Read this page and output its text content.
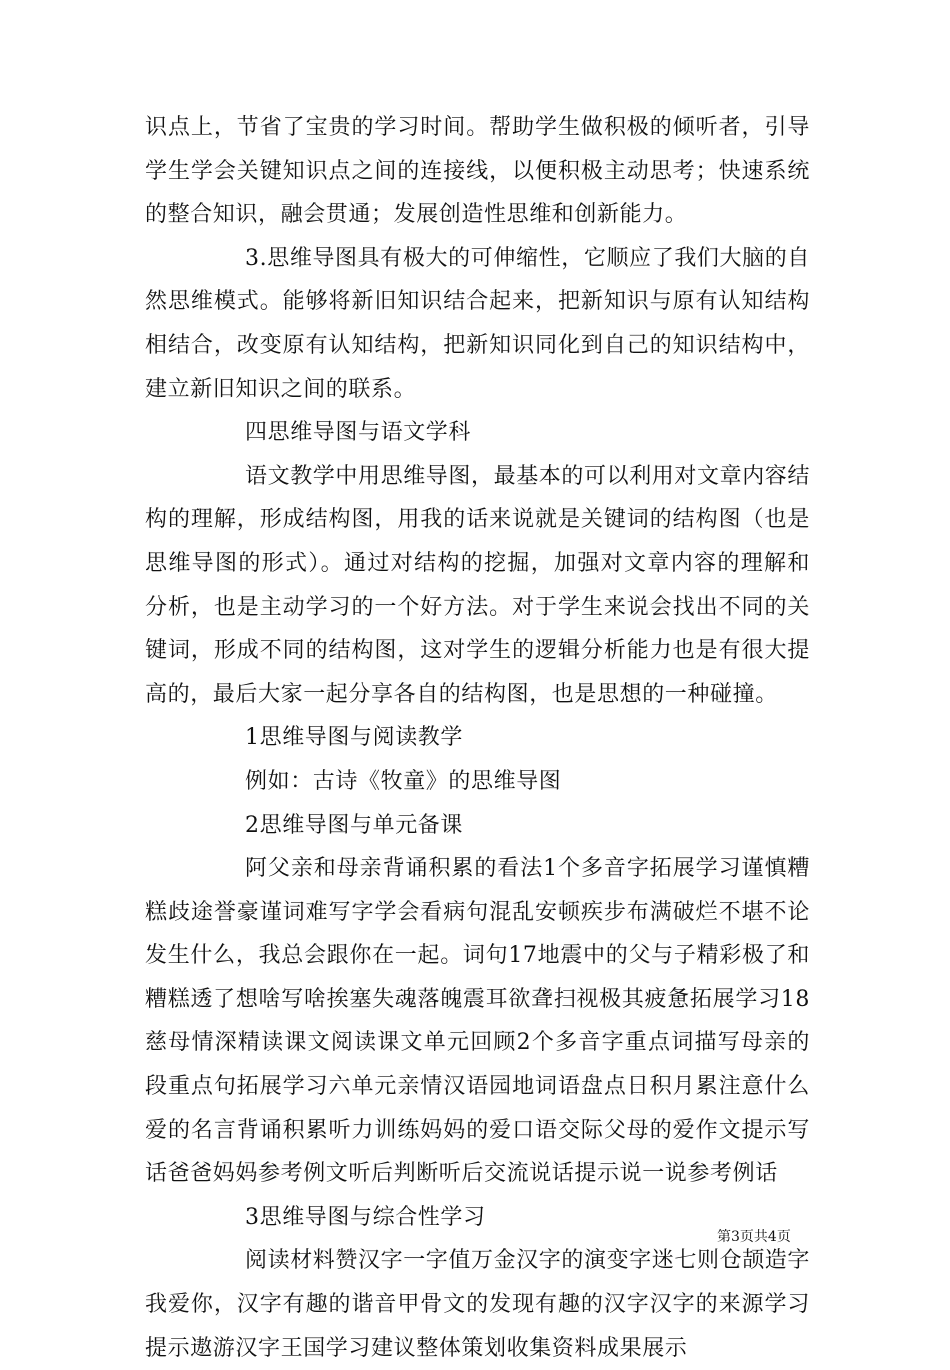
识点上，节省了宝贵的学习时间。帮助学生做积极的倾听者，引导学生学会关键知识点之间的连接线，以便积极主动思考；快速系统的整合知识，融会贯通；发展创造性思维和创新能力。

3.思维导图具有极大的可伸缩性，它顺应了我们大脑的自然思维模式。能够将新旧知识结合起来，把新知识与原有认知结构相结合，改变原有认知结构，把新知识同化到自己的知识结构中，建立新旧知识之间的联系。

四思维导图与语文学科

语文教学中用思维导图，最基本的可以利用对文章内容结构的理解，形成结构图，用我的话来说就是关键词的结构图（也是思维导图的形式）。通过对结构的挖掘，加强对文章内容的理解和分析，也是主动学习的一个好方法。对于学生来说会找出不同的关键词，形成不同的结构图，这对学生的逻辑分析能力也是有很大提高的，最后大家一起分享各自的结构图，也是思想的一种碰撞。

1思维导图与阅读教学

例如：古诗《牧童》的思维导图

2思维导图与单元备课

阿父亲和母亲背诵积累的看法1个多音字拓展学习谨慎糟糕歧途誉豪谨词难写字学会看病句混乱安顿疾步布满破烂不堪不论发生什么，我总会跟你在一起。词句17地震中的父与子精彩极了和糟糕透了想啥写啥挨塞失魂落魄震耳欲聋扫视极其疲惫拓展学习18慈母情深精读课文阅读课文单元回顾2个多音字重点词描写母亲的段重点句拓展学习六单元亲情汉语园地词语盘点日积月累注意什么爱的名言背诵积累听力训练妈妈的爱口语交际父母的爱作文提示写话爸爸妈妈参考例文听后判断听后交流说话提示说一说参考例话

3思维导图与综合性学习

阅读材料赞汉字一字值万金汉字的演变字迷七则仓颉造字我爱你，汉字有趣的谐音甲骨文的发现有趣的汉字汉字的来源学习提示遨游汉字王国学习建议整体策划收集资料成果展示

第3页共4页
